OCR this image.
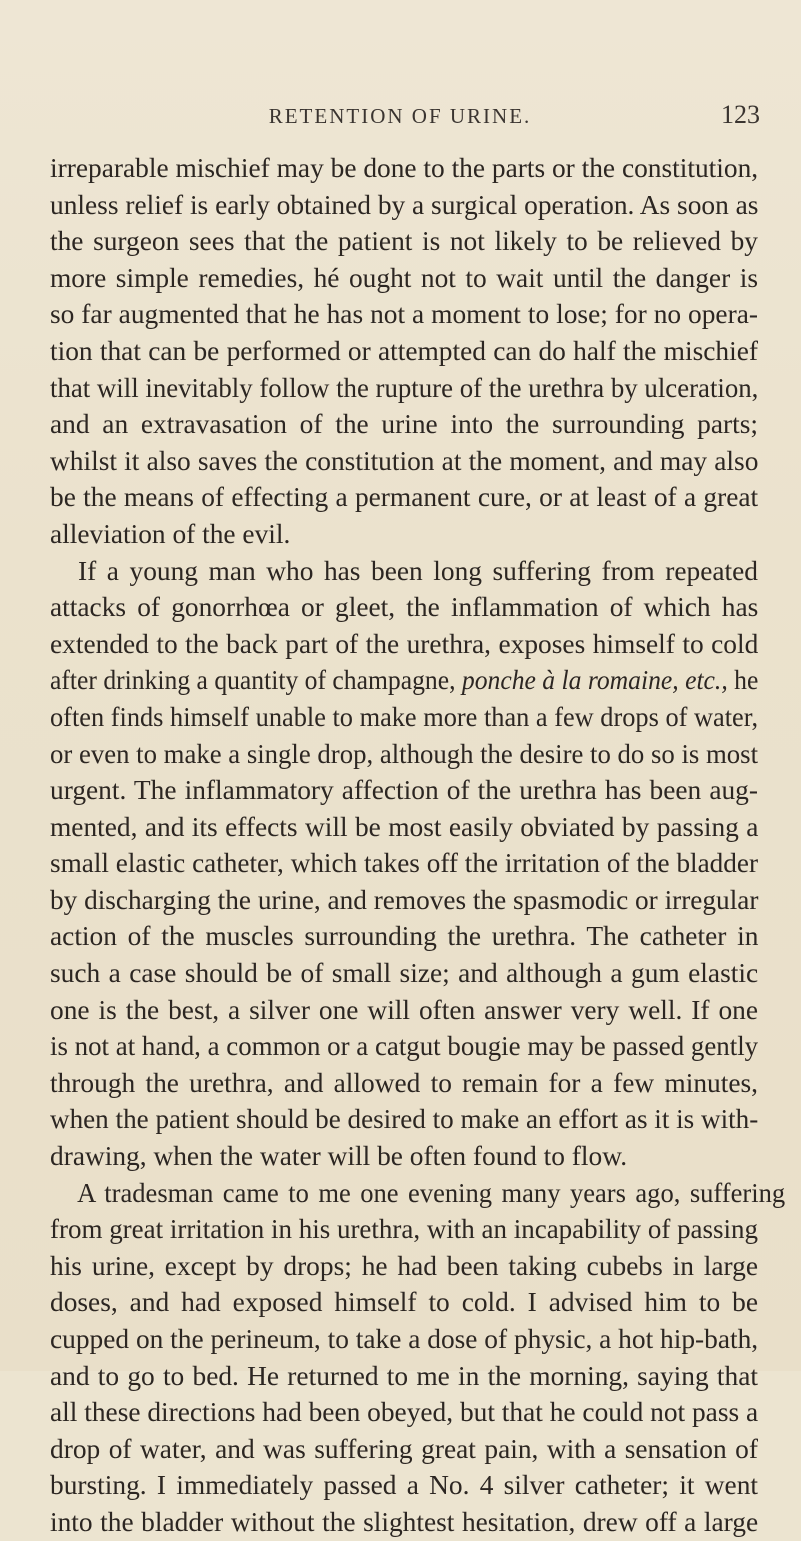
RETENTION OF URINE.	123
irreparable mischief may be done to the parts or the constitution,
unless relief is early obtained by a surgical operation. As soon as
the surgeon sees that the patient is not likely to be relieved by
more simple remedies, hé ought not to wait until the danger is
so far augmented that he has not a moment to lose; for no opera-
tion that can be performed or attempted can do half the mischief
that will inevitably follow the rupture of the urethra by ulceration,
and an extravasation of the urine into the surrounding parts;
whilst it also saves the constitution at the moment, and may also
be the means of effecting a permanent cure, or at least of a great
alleviation of the evil.
If a young man who has been long suffering from repeated
attacks of gonorrhœa or gleet, the inflammation of which has
extended to the back part of the urethra, exposes himself to cold
after drinking a quantity of champagne, ponche à la romaine, etc., he
often finds himself unable to make more than a few drops of water,
or even to make a single drop, although the desire to do so is most
urgent. The inflammatory affection of the urethra has been aug-
mented, and its effects will be most easily obviated by passing a
small elastic catheter, which takes off the irritation of the bladder
by discharging the urine, and removes the spasmodic or irregular
action of the muscles surrounding the urethra. The catheter in
such a case should be of small size; and although a gum elastic
one is the best, a silver one will often answer very well. If one
is not at hand, a common or a catgut bougie may be passed gently
through the urethra, and allowed to remain for a few minutes,
when the patient should be desired to make an effort as it is with-
drawing, when the water will be often found to flow.
A tradesman came to me one evening many years ago, suffering
from great irritation in his urethra, with an incapability of passing
his urine, except by drops; he had been taking cubebs in large
doses, and had exposed himself to cold. I advised him to be
cupped on the perineum, to take a dose of physic, a hot hip-bath,
and to go to bed. He returned to me in the morning, saying that
all these directions had been obeyed, but that he could not pass a
drop of water, and was suffering great pain, with a sensation of
bursting. I immediately passed a No. 4 silver catheter; it went
into the bladder without the slightest hesitation, drew off a large
